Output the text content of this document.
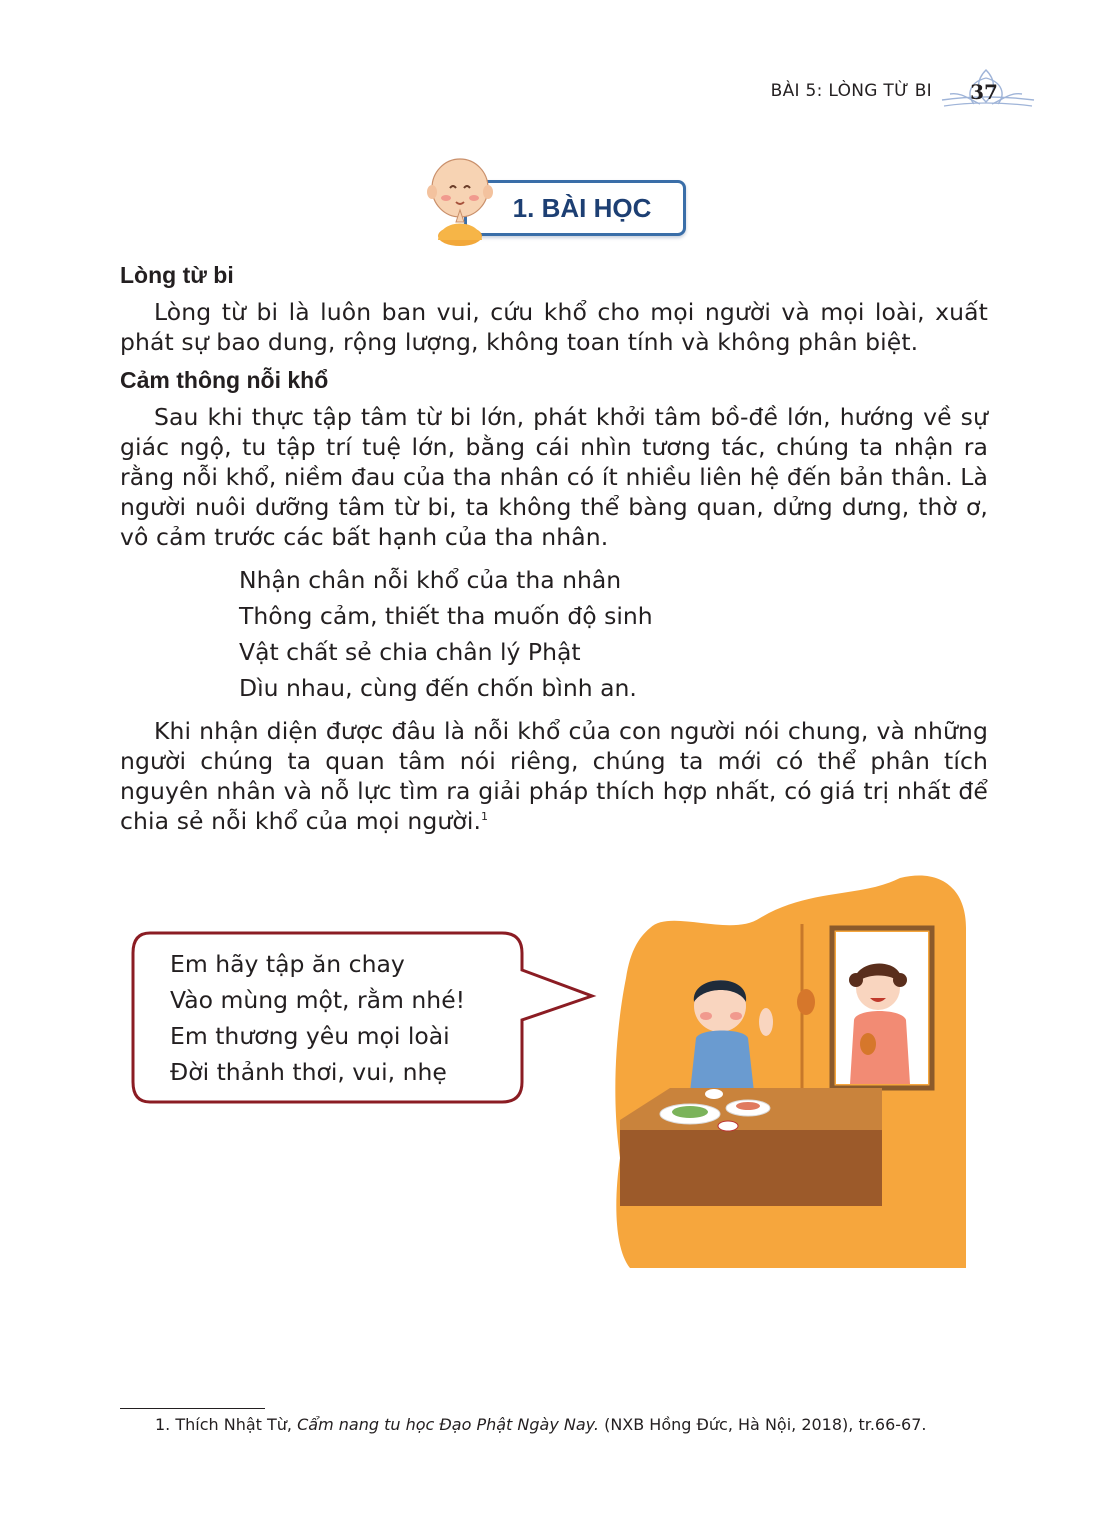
BÀI 5: LÒNG TỪ BI 37
1. BÀI HỌC
Lòng từ bi

Lòng từ bi là luôn ban vui, cứu khổ cho mọi người và mọi loài, xuất phát sự bao dung, rộng lượng, không toan tính và không phân biệt.

Cảm thông nỗi khổ

Sau khi thực tập tâm từ bi lớn, phát khởi tâm bồ-đề lớn, hướng về sự giác ngộ, tu tập trí tuệ lớn, bằng cái nhìn tương tác, chúng ta nhận ra rằng nỗi khổ, niềm đau của tha nhân có ít nhiều liên hệ đến bản thân. Là người nuôi dưỡng tâm từ bi, ta không thể bàng quan, dửng dưng, thờ ơ, vô cảm trước các bất hạnh của tha nhân.

Nhận chân nỗi khổ của tha nhân
Thông cảm, thiết tha muốn độ sinh
Vật chất sẻ chia chân lý Phật
Dìu nhau, cùng đến chốn bình an.

Khi nhận diện được đâu là nỗi khổ của con người nói chung, và những người chúng ta quan tâm nói riêng, chúng ta mới có thể phân tích nguyên nhân và nỗ lực tìm ra giải pháp thích hợp nhất, có giá trị nhất để chia sẻ nỗi khổ của mọi người.$^1$

Em hãy tập ăn chay
Vào mùng một, rằm nhé!
Em thương yêu mọi loài
Đời thảnh thơi, vui, nhẹ
1. Thích Nhật Từ, Cẩm nang tu học Đạo Phật Ngày Nay. (NXB Hồng Đức, Hà Nội, 2018), tr.66-67.
